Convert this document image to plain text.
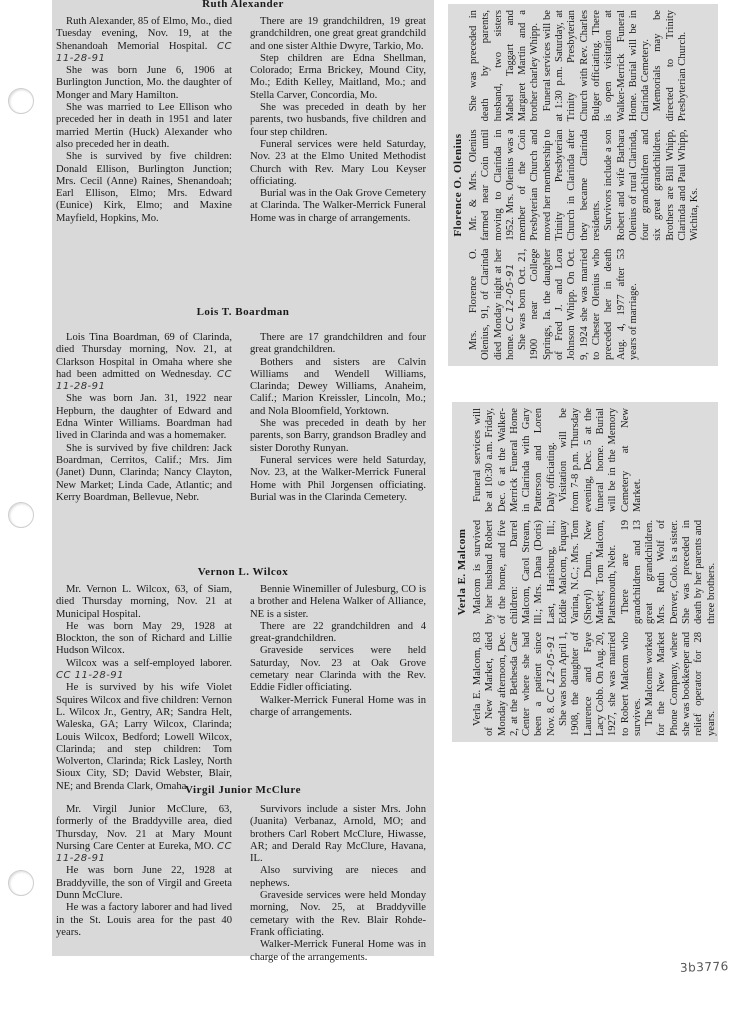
Ruth Alexander

Ruth Alexander, 85 of Elmo, Mo., died Tuesday evening, Nov. 19, at the Shenandoah Memorial Hospital. CC 11-28-91

She was born June 6, 1906 at Burlington Junction, Mo. the daughter of Monger and Mary Hamilton.

She was married to Lee Ellison who preceded her in death in 1951 and later married Mertin (Huck) Alexander who also preceded her in death.

She is survived by five children: Donald Ellison, Burlington Junction; Mrs. Cecil (Anne) Raines, Shenandoah; Earl Ellison, Elmo; Mrs. Edward (Eunice) Kirk, Elmo; and Maxine Mayfield, Hopkins, Mo.

There are 19 grandchildren, 19 great grandchildren, one great great grandchild and one sister Althie Dwyre, Tarkio, Mo.

Step children are Edna Shellman, Colorado; Erma Brickey, Mound City, Mo.; Edith Kelley, Maitland, Mo.; and Stella Carver, Concordia, Mo.

She was preceded in death by her parents, two husbands, five children and four step children.

Funeral services were held Saturday, Nov. 23 at the Elmo United Methodist Church with Rev. Mary Lou Keyser officiating.

Burial was in the Oak Grove Cemetery at Clarinda. The Walker-Merrick Funeral Home was in charge of arrangements.

Lois T. Boardman

Lois Tina Boardman, 69 of Clarinda, died Thursday morning, Nov. 21, at Clarkson Hospital in Omaha where she had been admitted on Wednesday. CC 11-28-91

She was born Jan. 31, 1922 near Hepburn, the daughter of Edward and Edna Winter Williams. Boardman had lived in Clarinda and was a homemaker.

She is survived by five children: Jack Boardman, Cerritos, Calif.; Mrs. Jim (Janet) Dunn, Clarinda; Nancy Clayton, New Market; Linda Cade, Atlantic; and Kerry Boardman, Bellevue, Nebr.

There are 17 grandchildren and four great grandchildren.

Bothers and sisters are Calvin Williams and Wendell Williams, Clarinda; Dewey Williams, Anaheim, Calif.; Marion Kreissler, Lincoln, Mo.; and Nola Bloomfield, Yorktown.

She was preceded in death by her parents, son Barry, grandson Bradley and sister Dorothy Runyan.

Funeral services were held Saturday, Nov. 23, at the Walker-Merrick Funeral Home with Phil Jorgensen officiating. Burial was in the Clarinda Cemetery.

Vernon L. Wilcox

Mr. Vernon L. Wilcox, 63, of Siam, died Thursday morning, Nov. 21 at Municipal Hospital.

He was born May 29, 1928 at Blockton, the son of Richard and Lillie Hudson Wilcox.

Wilcox was a self-employed laborer. CC 11-28-91

He is survived by his wife Violet Squires Wilcox and five children: Vernon L. Wilcox Jr., Gentry, AR; Sandra Helt, Waleska, GA; Larry Wilcox, Clarinda; Louis Wilcox, Bedford; Lowell Wilcox, Clarinda; and step children: Tom Wolverton, Clarinda; Rick Lasley, North Sioux City, SD; David Webster, Blair, NE; and Brenda Clark, Omaha.

Bennie Winemiller of Julesburg, CO is a brother and Helena Walker of Alliance, NE is a sister.

There are 22 grandchildren and 4 great-grandchildren.

Graveside services were held Saturday, Nov. 23 at Oak Grove cemetary near Clarinda with the Rev. Eddie Fidler officiating.

Walker-Merrick Funeral Home was in charge of arrangements.

Virgil Junior McClure

Mr. Virgil Junior McClure, 63, formerly of the Braddyville area, died Thursday, Nov. 21 at Mary Mount Nursing Care Center at Eureka, MO. CC 11-28-91

He was born June 22, 1928 at Braddyville, the son of Virgil and Greeta Dunn McClure.

He was a factory laborer and had lived in the St. Louis area for the past 40 years.

Survivors include a sister Mrs. John (Juanita) Verbanaz, Arnold, MO; and brothers Carl Robert McClure, Hiwasse, AR; and Derald Ray McClure, Havana, IL.

Also surviving are nieces and nephews.

Graveside services were held Monday morning, Nov. 25, at Braddyville cemetary with the Rev. Blair Rohde-Frank officiating.

Walker-Merrick Funeral Home was in charge of the arrangements.

Florence O. Olenius

Mrs. Florence O. Olenius, 91, of Clarinda died Monday night at her home. CC 12-05-91 She was born Oct. 21, 1900 near College Springs, Ia. the daughter of Fred J. and Lora Johnson Whipp. On Oct. 9, 1924 she was married to Chester Olenius who preceded her in death Aug. 4, 1977 after 53 years of marriage.

Mr. & Mrs. Olenius farmed near Coin until moving to Clarinda in 1952. Mrs. Olenius was a member of the Coin Presbyterian Church and moved her membership to Trinity Presbyterian Church in Clarinda after they became Clarinda residents. Survivors include a son Robert and wife Barbara Olenius of rural Clarinda, four grandchildren and six great grandchildren. Brothers are Bill Whipp, Clarinda and Paul Whipp, Wichita, Ks.

She was preceded in death by parents, husband, two sisters Mabel Taggart and Margaret Martin and a brother charley Whipp. Funeral services will be at 1:30 p.m. Saturday, at Trinity Presbyterian Church with Rev. Charles Bulger officiating. There is open visitation at Walker-Merrick Funeral Home. Burial will be in Clarinda Cemetery. Memorials may be directed to Trinity Presbyterian Church.

Verla E. Malcom

Verla E. Malcom, 83 of New Market, died Monday afternoon, Dec. 2, at the Bethesda Care Center where she had been a patient since Nov. 8. CC 12-05-91 She was born April 1, 1908, the daughter of Laurence and Faye Lacy Cobb. On Aug. 20, 1927, she was married to Robert Malcom who survives. The Malcoms worked for the New Market Phone Company, where she was bookkeeper and relief operator for 28 years.

Malcom is survived by her husband Robert of the home, and five children: Darrel Malcom, Carol Stream, Ill.; Mrs. Dana (Doris) Last, Harisburg, Ill.; Eddie Malcom, Fuquay Varina, N.C.; Mrs. Tom (Sheryl) Dunn, New Market; Tom Malcom, Plattsmouth, Nebr. There are 19 grandchildren and 13 great grandchildren. Mrs. Ruth Wolf of Denver, Colo. is a sister. She was preceded in death by her parents and three brothers.

Funeral services will be at 10:30 a.m. Friday, Dec. 6 at the Walker-Merrick Funeral Home in Clarinda with Gary Patterson and Loren Daly officiating. Visitation will be from 7-8 p.m. Thursday evening, Dec. 5 at the funeral home. Burial will be in the Memory Cemetery at New Market.

3b3776
